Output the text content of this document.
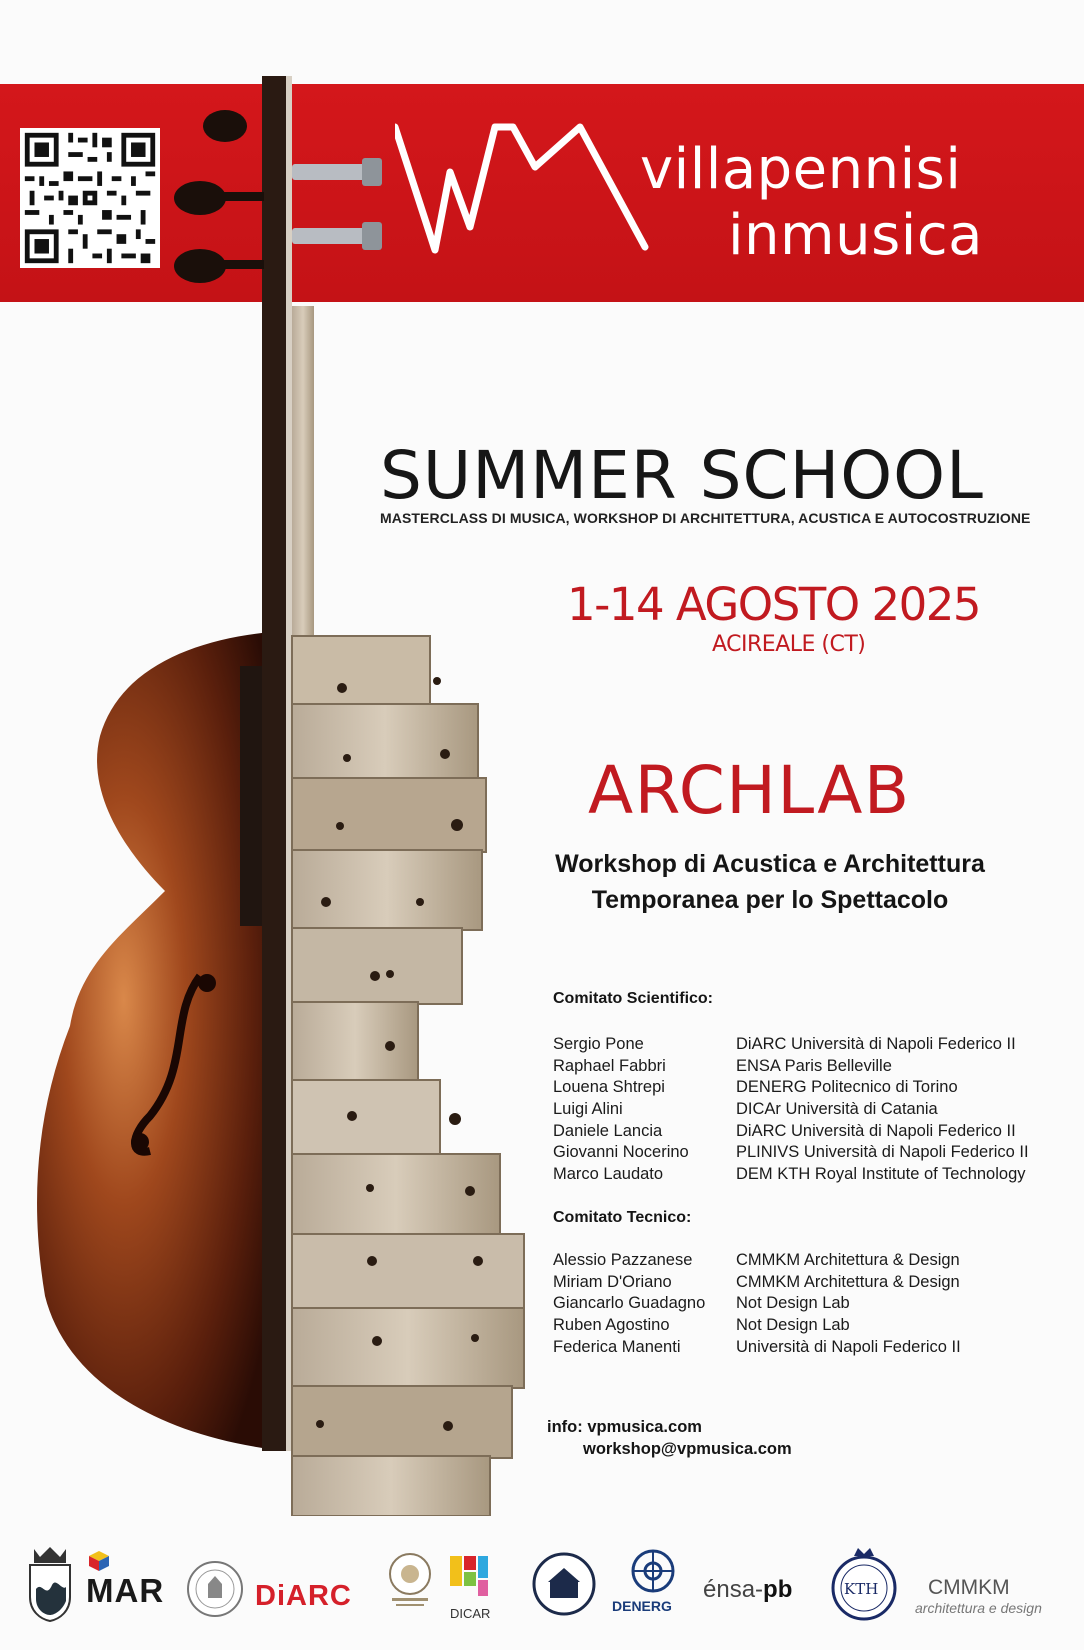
villapennisi
inmusica
SUMMER SCHOOL
MASTERCLASS DI MUSICA, WORKSHOP DI ARCHITETTURA, ACUSTICA E AUTOCOSTRUZIONE
1-14 AGOSTO 2025
ACIREALE (CT)
ARCHLAB
Workshop di Acustica e Architettura
Temporanea per lo Spettacolo
Comitato Scientifico:
Sergio Pone	DiARC Università di Napoli Federico II
Raphael Fabbri	ENSA Paris Belleville
Louena Shtrepi	DENERG Politecnico di Torino
Luigi Alini	DICAr Università di Catania
Daniele Lancia	DiARC Università di Napoli Federico II
Giovanni Nocerino	PLINIVS Università di Napoli Federico II
Marco Laudato	DEM KTH Royal Institute of Technology
Comitato Tecnico:
Alessio Pazzanese	CMMKM Architettura & Design
Miriam D'Oriano	CMMKM Architettura & Design
Giancarlo Guadagno	Not Design Lab
Ruben Agostino	Not Design Lab
Federica Manenti	Università di Napoli Federico II
info: vpmusica.com
workshop@vpmusica.com
MAR	DiARC
DICAR	DENERG
énsa-pb	KTH CMMKM
architettura e design
